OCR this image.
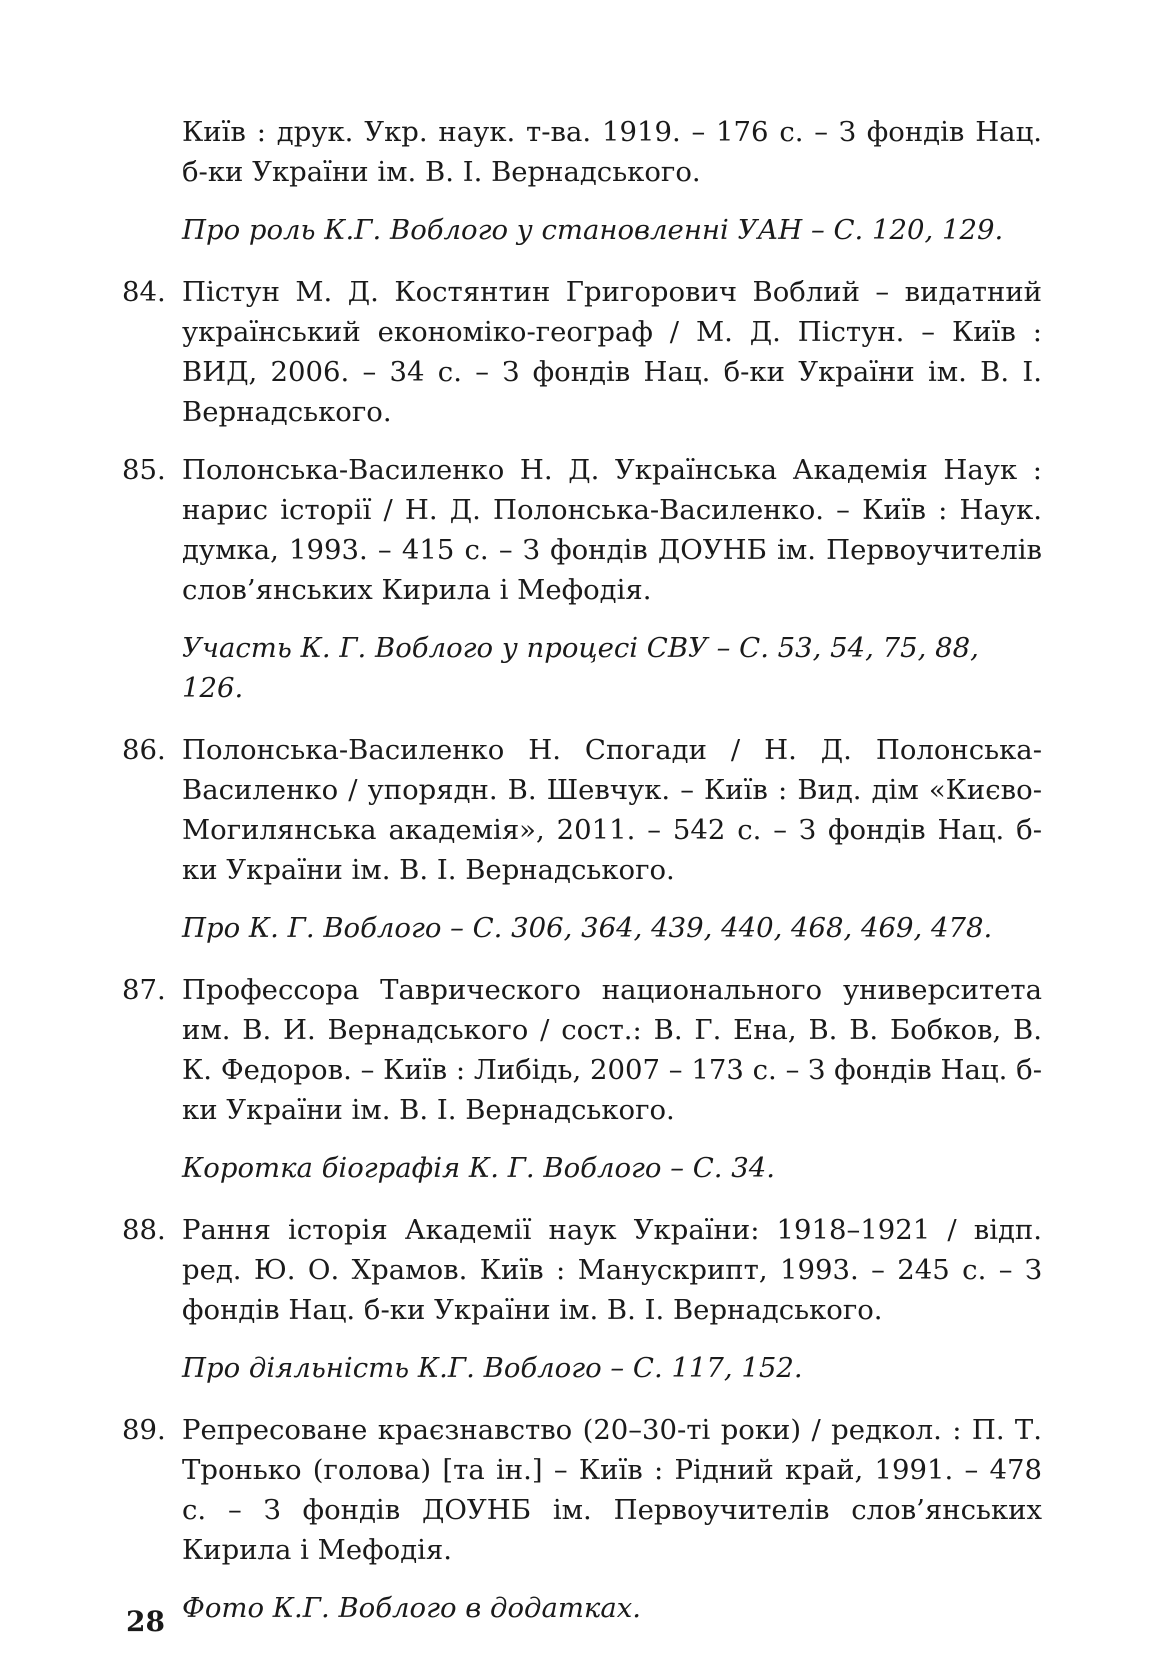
Київ : друк. Укр. наук. т-ва. 1919. – 176 с. – З фондів Нац. б-ки України ім. В. І. Вернадського.
Про роль К.Г. Воблого у становленні УАН – С. 120, 129.
84. Пістун М. Д. Костянтин Григорович Воблий – видатний український економіко-географ / М. Д. Пістун. – Київ : ВИД, 2006. – 34 с. – З фондів Нац. б-ки України ім. В. І. Вернадського.
85. Полонська-Василенко Н. Д. Українська Академія Наук : нарис історії / Н. Д. Полонська-Василенко. – Київ : Наук. думка, 1993. – 415 с. – З фондів ДОУНБ ім. Первоучителів слов’янських Кирила і Мефодія.
Участь К. Г. Воблого у процесі СВУ – С. 53, 54, 75, 88, 126.
86. Полонська-Василенко Н. Спогади / Н. Д. Полонська-Василенко / упорядн. В. Шевчук. – Київ : Вид. дім «Києво-Могилянська академія», 2011. – 542 с. – З фондів Нац. б-ки України ім. В. І. Вернадського.
Про К. Г. Воблого – С. 306, 364, 439, 440, 468, 469, 478.
87. Профессора Таврического национального университета им. В. И. Вернадського / сост.: В. Г. Ена, В. В. Бобков, В. К. Федоров. – Київ : Либідь, 2007 – 173 с. – З фондів Нац. б-ки України ім. В. І. Вернадського.
Коротка біографія К. Г. Воблого – С. 34.
88. Рання історія Академії наук України: 1918–1921 / відп. ред. Ю. О. Храмов. Київ : Манускрипт, 1993. – 245 с. – З фондів Нац. б-ки України ім. В. І. Вернадського.
Про діяльність К.Г. Воблого – С. 117, 152.
89. Репресоване краєзнавство (20–30-ті роки) / редкол. : П. Т. Тронько (голова) [та ін.] – Київ : Рідний край, 1991. – 478 с. – З фондів ДОУНБ ім. Первоучителів слов’янських Кирила і Мефодія.
Фото К.Г. Воблого в додатках.
28
